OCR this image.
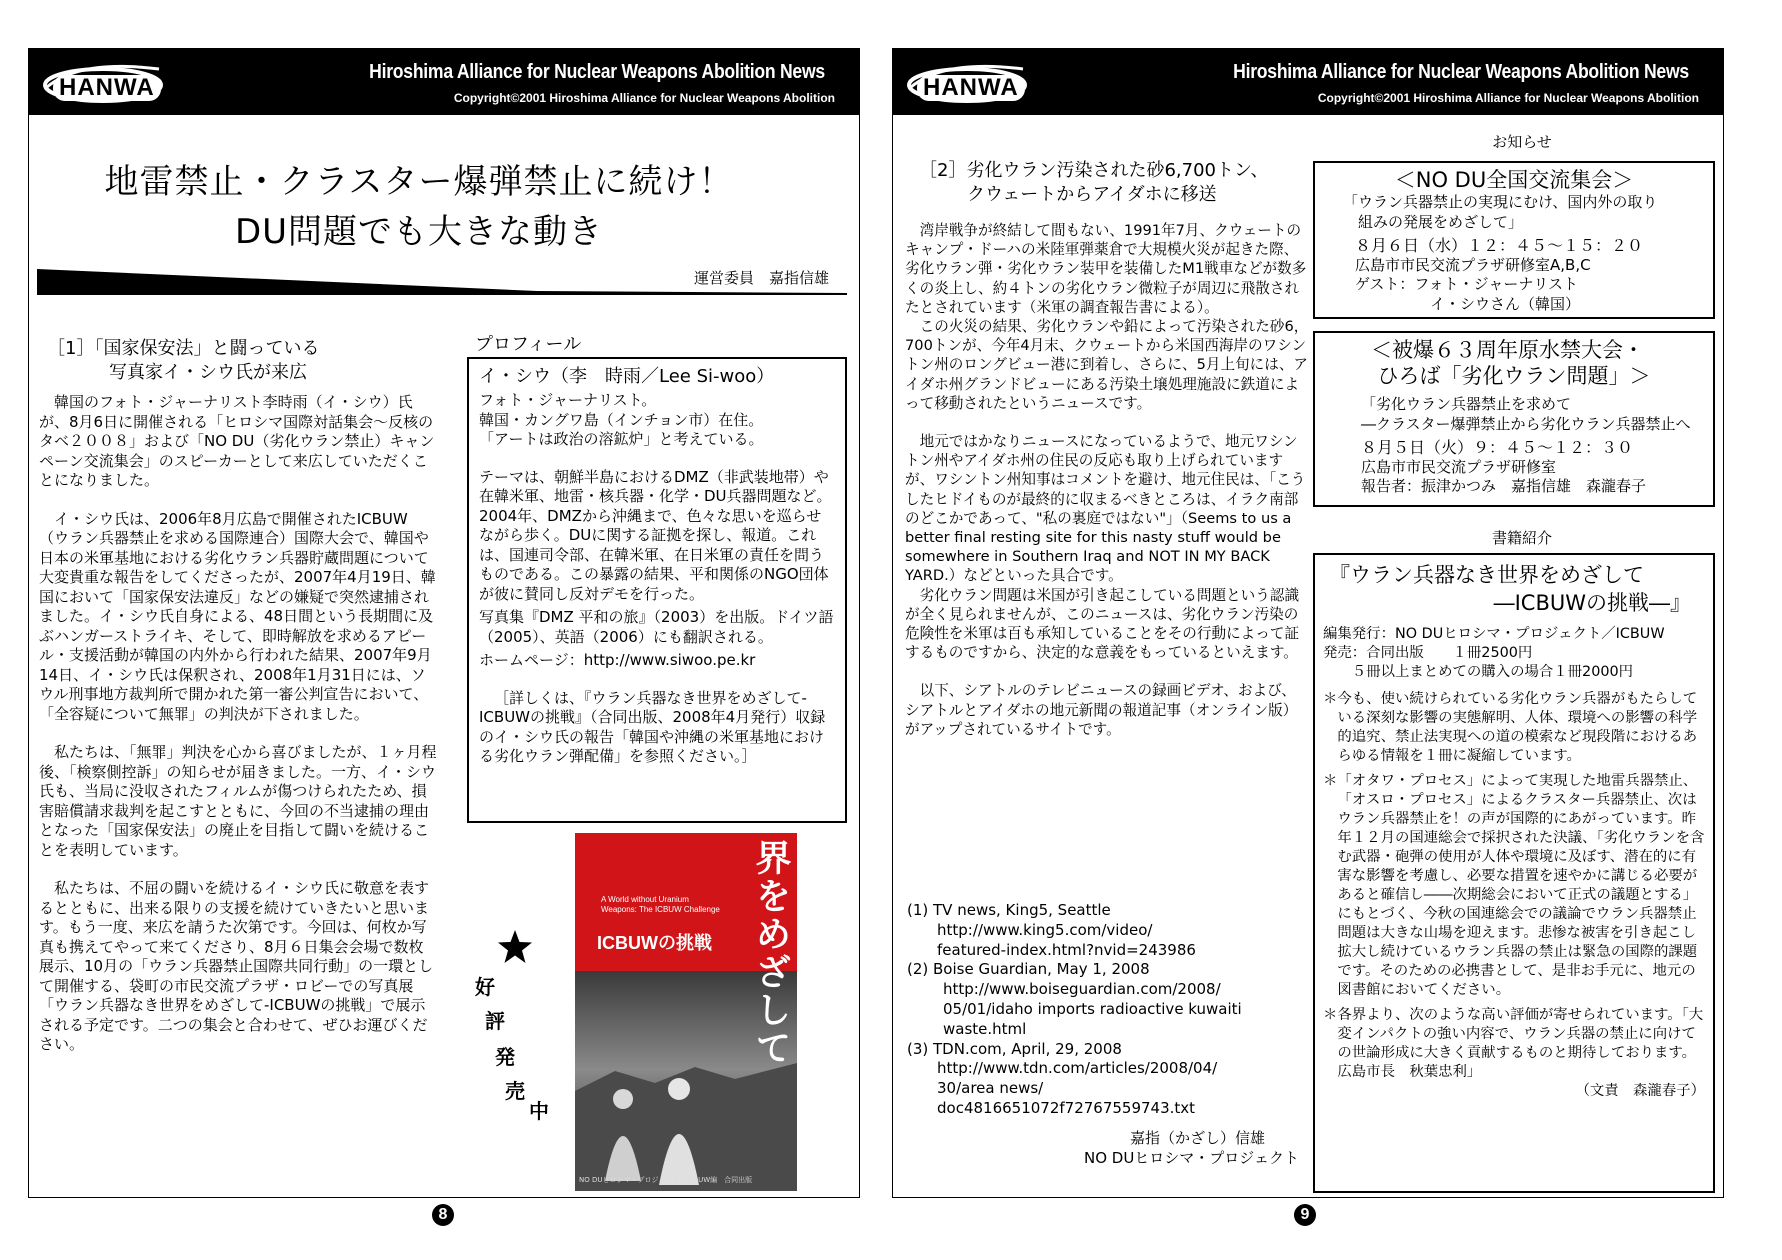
HANWA
Hiroshima Alliance for Nuclear Weapons Abolition News
Copyright©2001 Hiroshima Alliance for Nuclear Weapons Abolition
地雷禁止・クラスター爆弾禁止に続け！
DU問題でも大きな動き
運営委員　嘉指信雄
［1］「国家保安法」と闘っている
写真家イ・シウ氏が来広

韓国のフォト・ジャーナリスト李時雨（イ・シウ）氏が、8月6日に開催される「ヒロシマ国際対話集会〜反核のタベ２００８」および「NO DU（劣化ウラン禁止）キャンペーン交流集会」のスピーカーとして来広していただくことになりました。

イ・シウ氏は、2006年8月広島で開催されたICBUW（ウラン兵器禁止を求める国際連合）国際大会で、韓国や日本の米軍基地における劣化ウラン兵器貯蔵問題について大変貴重な報告をしてくださったが、2007年4月19日、韓国において「国家保安法違反」などの嫌疑で突然逮捕されました。イ・シウ氏自身による、48日間という長期間に及ぶハンガーストライキ、そして、即時解放を求めるアピール・支援活動が韓国の内外から行われた結果、2007年9月14日、イ・シウ氏は保釈され、2008年1月31日には、ソウル刑事地方裁判所で開かれた第一審公判宣告において、「全容疑について無罪」の判決が下されました。

私たちは、「無罪」判決を心から喜びましたが、１ヶ月程後、「検察側控訴」の知らせが届きました。一方、イ・シウ氏も、当局に没収されたフィルムが傷つけられたため、損害賠償請求裁判を起こすとともに、今回の不当逮捕の理由となった「国家保安法」の廃止を目指して闘いを続けることを表明しています。

私たちは、不屈の闘いを続けるイ・シウ氏に敬意を表するとともに、出来る限りの支援を続けていきたいと思います。もう一度、来広を請うた次第です。今回は、何枚か写真も携えてやって来てくださり、8月６日集会会場で数枚展示、10月の「ウラン兵器禁止国際共同行動」の一環として開催する、袋町の市民交流プラザ・ロビーでの写真展「ウラン兵器なき世界をめざして-ICBUWの挑戦」で展示される予定です。二つの集会と合わせて、ぜひお運びください。

プロフィール
イ・シウ（李　時雨／Lee Si-woo）
フォト・ジャーナリスト。
韓国・カングワ島（インチョン市）在住。
「アートは政治の溶鉱炉」と考えている。

テーマは、朝鮮半島におけるDMZ（非武装地帯）や在韓米軍、地雷・核兵器・化学・DU兵器問題など。2004年、DMZから沖縄まで、色々な思いを巡らせながら歩く。DUに関する証拠を探し、報道。これは、国連司令部、在韓米軍、在日米軍の責任を問うものである。この暴露の結果、平和関係のNGO団体が彼に賛同し反対デモを行った。

写真集『DMZ 平和の旅』（2003）を出版。ドイツ語（2005）、英語（2006）にも翻訳される。

ホームページ：http://www.siwoo.pe.kr

［詳しくは、『ウラン兵器なき世界をめざして-ICBUWの挑戦』（合同出版、2008年4月発行）収録のイ・シウ氏の報告「韓国や沖縄の米軍基地における劣化ウラン弾配備」を参照ください。］

好
評
発
売
中
A World without Uranium Weapons: The ICBUW Challenge
ICBUWの挑戦	ウラン兵器なき世界をめざして
NO DUヒロシマ・プロジェクト／ICBUW編　合同出版
8
HANWA
Hiroshima Alliance for Nuclear Weapons Abolition News
Copyright©2001 Hiroshima Alliance for Nuclear Weapons Abolition
［2］劣化ウラン汚染された砂6,700トン、
クウェートからアイダホに移送

湾岸戦争が終結して間もない、1991年7月、クウェートのキャンプ・ドーハの米陸軍弾薬倉で大規模火災が起きた際、劣化ウラン弾・劣化ウラン装甲を装備したM1戦車などが数多くの炎上し、約４トンの劣化ウラン微粒子が周辺に飛散されたとされています（米軍の調査報告書による）。

この火災の結果、劣化ウランや鉛によって汚染された砂6，700トンが、今年4月末、クウェートから米国西海岸のワシントン州のロングビュー港に到着し、さらに、5月上旬には、アイダホ州グランドビューにある汚染土壌処理施設に鉄道によって移動されたというニュースです。

地元ではかなりニュースになっているようで、地元ワシントン州やアイダホ州の住民の反応も取り上げられていますが、ワシントン州知事はコメントを避け、地元住民は、「こうしたヒドイものが最終的に収まるべきところは、イラク南部のどこかであって、"私の裏庭ではない"」（Seems to us a better final resting site for this nasty stuff would be somewhere in Southern Iraq and NOT IN MY BACK YARD.）などといった具合です。

劣化ウラン問題は米国が引き起こしている問題という認識が全く見られませんが、このニュースは、劣化ウラン汚染の危険性を米軍は百も承知していることをその行動によって証するものですから、決定的な意義をもっているといえます。

以下、シアトルのテレビニュースの録画ビデオ、および、シアトルとアイダホの地元新聞の報道記事（オンライン版）がアップされているサイトです。

(1) TV news, King5, Seattle

http://www.king5.com/video/

featured-index.html?nvid=243986

(2) Boise Guardian, May 1, 2008

http://www.boiseguardian.com/2008/

05/01/idaho imports radioactive kuwaiti

waste.html

(3) TDN.com, April, 29, 2008

http://www.tdn.com/articles/2008/04/

30/area news/

doc4816651072f72767559743.txt

嘉指（かざし）信雄
NO DUヒロシマ・プロジェクト
お知らせ
＜NO DU全国交流集会＞
「ウラン兵器禁止の実現にむけ、国内外の取り
　組みの発展をめざして」
８月６日（水）１２：４５〜１５：２０
広島市市民交流プラザ研修室A,B,C
ゲスト：フォト・ジャーナリスト
　　　　　イ・シウさん（韓国）
＜被爆６３周年原水禁大会・
ひろば「劣化ウラン問題」＞
「劣化ウラン兵器禁止を求めて
―クラスター爆弾禁止から劣化ウラン兵器禁止へ
８月５日（火）９：４５〜１２：３０
広島市市民交流プラザ研修室
報告者：振津かつみ　嘉指信雄　森瀧春子
書籍紹介
『ウラン兵器なき世界をめざして
―ICBUWの挑戦―』
編集発行：NO DUヒロシマ・プロジェクト／ICBUW
発売：合同出版　　１冊2500円
　　５冊以上まとめての購入の場合１冊2000円

＊今も、使い続けられている劣化ウラン兵器がもたらしている深刻な影響の実態解明、人体、環境への影響の科学的追究、禁止法実現への道の模索など現段階におけるあらゆる情報を１冊に凝縮しています。

＊「オタワ・プロセス」によって実現した地雷兵器禁止、「オスロ・プロセス」によるクラスター兵器禁止、次はウラン兵器禁止を！の声が国際的にあがっています。昨年１２月の国連総会で採択された決議、「劣化ウランを含む武器・砲弾の使用が人体や環境に及ぼす、潜在的に有害な影響を考慮し、必要な措置を速やかに講じる必要があると確信し――次期総会において正式の議題とする」にもとづく、今秋の国連総会での議論でウラン兵器禁止問題は大きな山場を迎えます。悲惨な被害を引き起こし拡大し続けているウラン兵器の禁止は緊急の国際的課題です。そのための必携書として、是非お手元に、地元の図書館においてください。

＊各界より、次のような高い評価が寄せられています。「大変インパクトの強い内容で、ウラン兵器の禁止に向けての世論形成に大きく貢献するものと期待しております。　広島市長　秋葉忠利」

（文責　森瀧春子）
9
